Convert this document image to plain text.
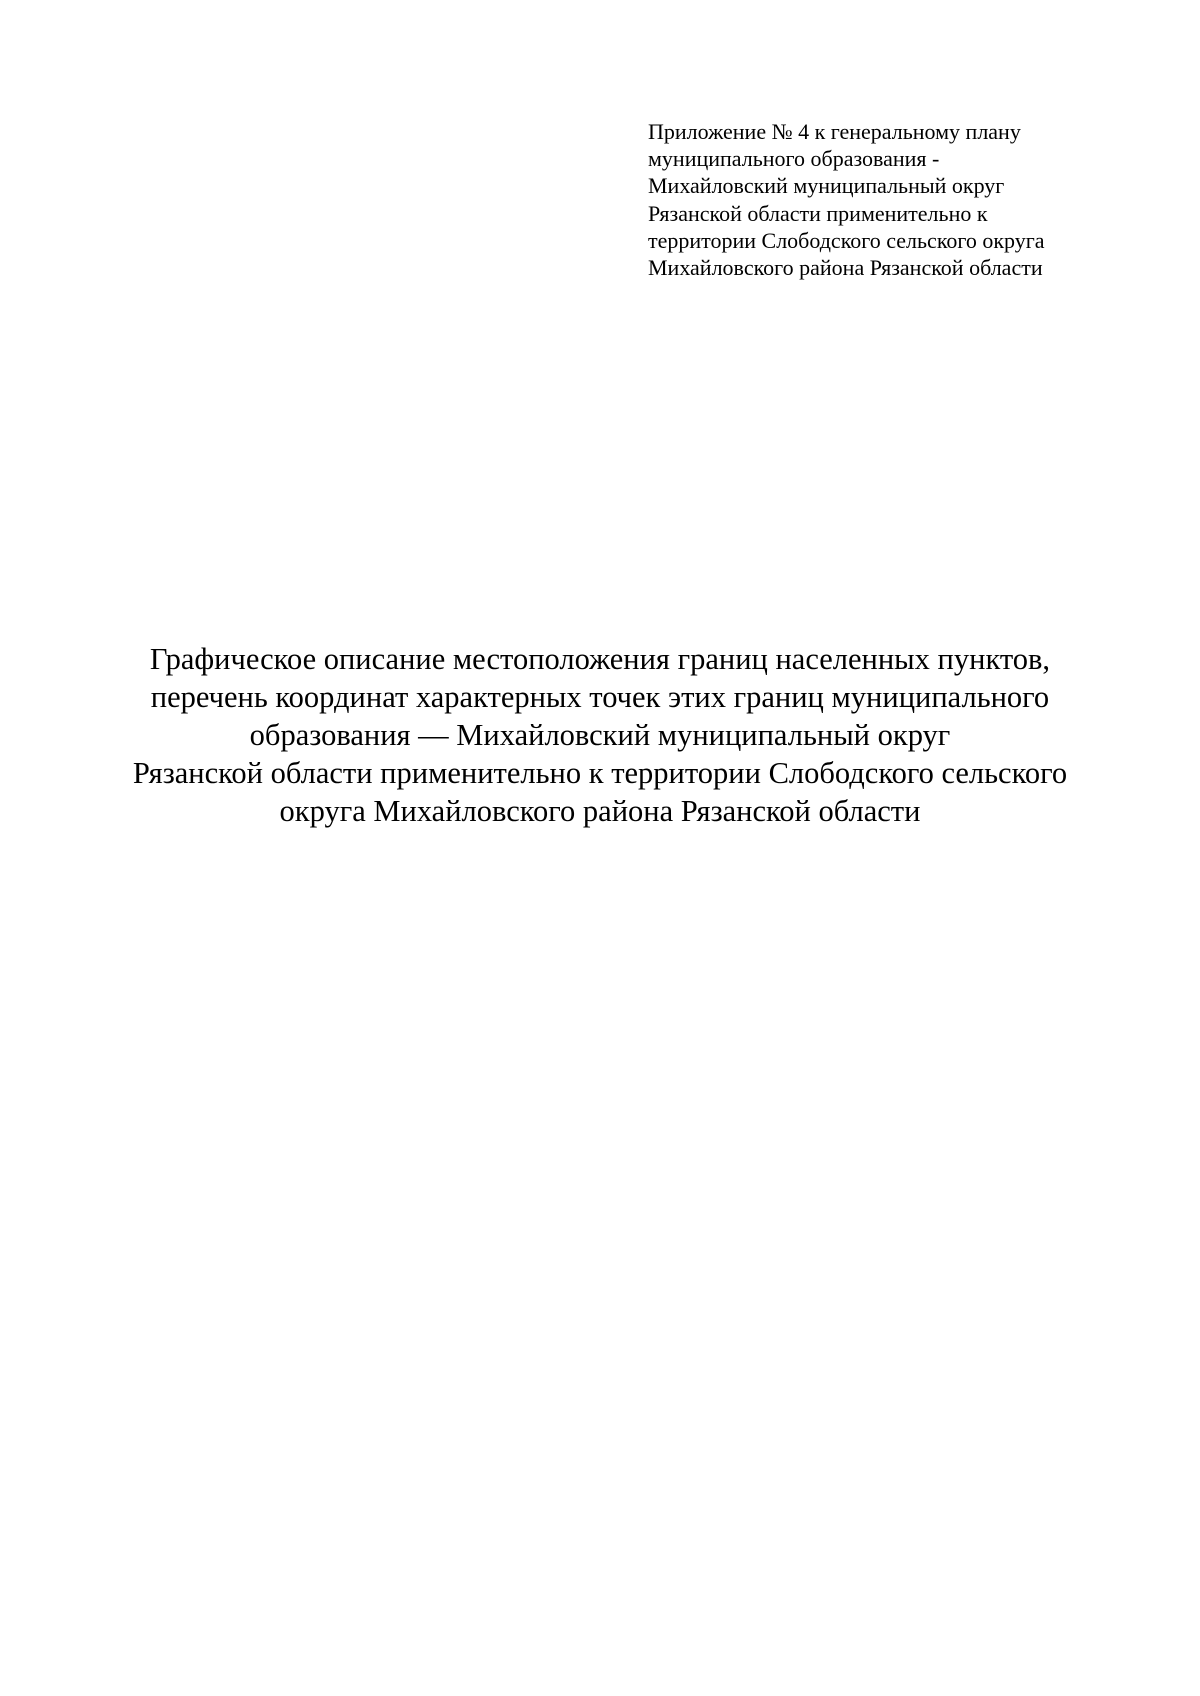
Приложение № 4 к генеральному плану
муниципального образования -
Михайловский муниципальный округ
Рязанской области применительно к
территории Слободского сельского округа
Михайловского района Рязанской области
Графическое описание местоположения границ населенных пунктов,
перечень координат характерных точек этих границ муниципального
образования — Михайловский муниципальный округ
Рязанской области применительно к территории Слободского сельского
округа Михайловского района Рязанской области
